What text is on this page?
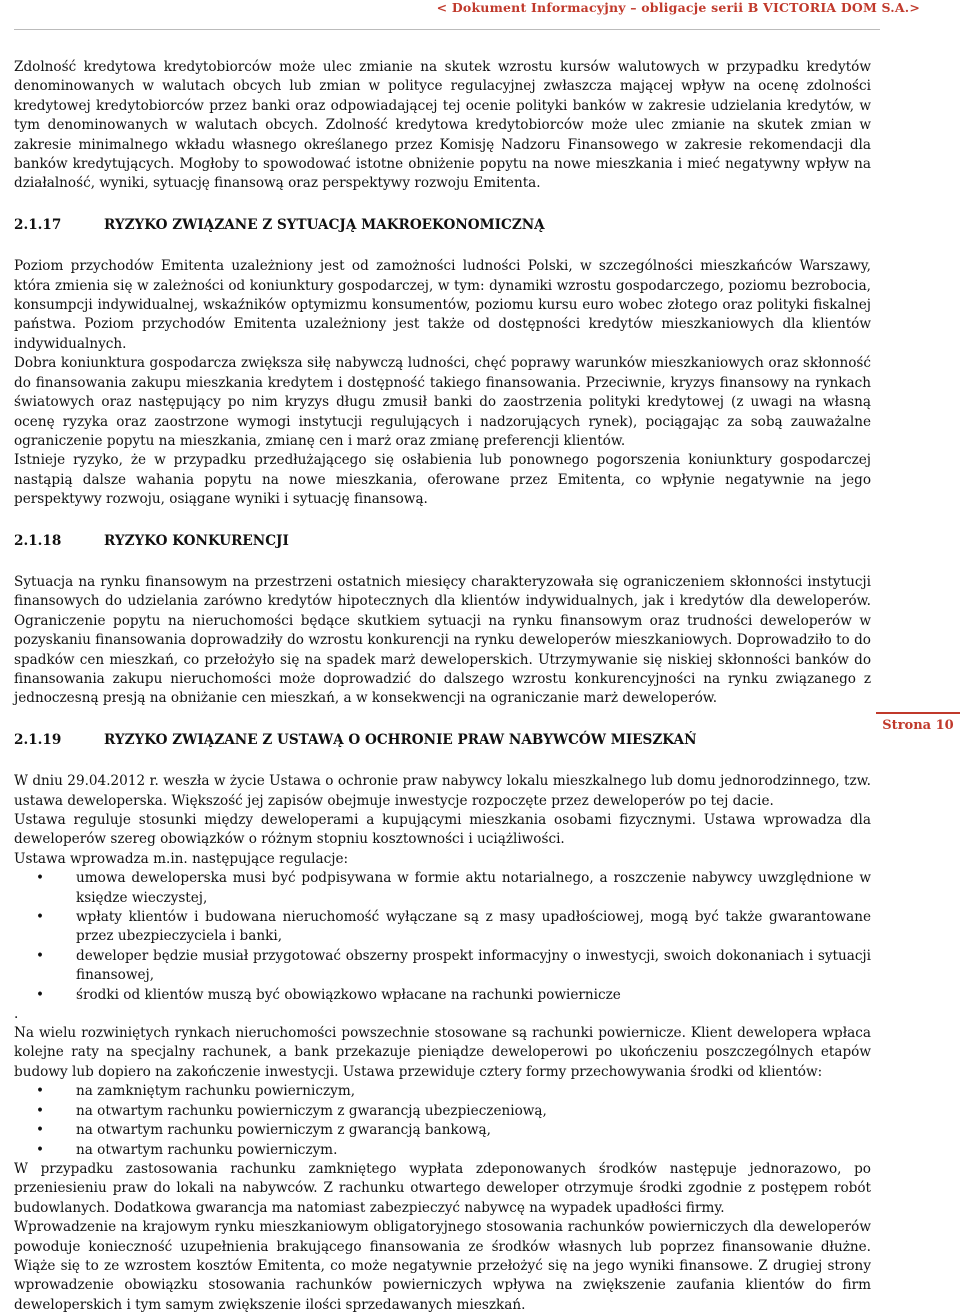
< Dokument Informacyjny – obligacje serii B VICTORIA DOM S.A.>
Strona 10

Zdolność kredytowa kredytobiorców może ulec zmianie na skutek wzrostu kursów walutowych w przypadku kredytów denominowanych w walutach obcych lub zmian w polityce regulacyjnej zwłaszcza mającej wpływ na ocenę zdolności kredytowej kredytobiorców przez banki oraz odpowiadającej tej ocenie polityki banków w zakresie udzielania kredytów, w tym denominowanych w walutach obcych. Zdolność kredytowa kredytobiorców może ulec zmianie na skutek zmian w zakresie minimalnego wkładu własnego określanego przez Komisję Nadzoru Finansowego w zakresie rekomendacji dla banków kredytujących. Mogłoby to spowodować istotne obniżenie popytu na nowe mieszkania i mieć negatywny wpływ na działalność, wyniki, sytuację finansową oraz perspektywy rozwoju Emitenta.

2.1.17	RYZYKO ZWIĄZANE Z SYTUACJĄ MAKROEKONOMICZNĄ

Poziom przychodów Emitenta uzależniony jest od zamożności ludności Polski, w szczególności mieszkańców Warszawy, która zmienia się w zależności od koniunktury gospodarczej, w tym: dynamiki wzrostu gospodarczego, poziomu bezrobocia, konsumpcji indywidualnej, wskaźników optymizmu konsumentów, poziomu kursu euro wobec złotego oraz polityki fiskalnej państwa. Poziom przychodów Emitenta uzależniony jest także od dostępności kredytów mieszkaniowych dla klientów indywidualnych.

Dobra koniunktura gospodarcza zwiększa siłę nabywczą ludności, chęć poprawy warunków mieszkaniowych oraz skłonność do finansowania zakupu mieszkania kredytem i dostępność takiego finansowania. Przeciwnie, kryzys finansowy na rynkach światowych oraz następujący po nim kryzys długu zmusił banki do zaostrzenia polityki kredytowej (z uwagi na własną ocenę ryzyka oraz zaostrzone wymogi instytucji regulujących i nadzorujących rynek), pociągając za sobą zauważalne ograniczenie popytu na mieszkania, zmianę cen i marż oraz zmianę preferencji klientów.

Istnieje ryzyko, że w przypadku przedłużającego się osłabienia lub ponownego pogorszenia koniunktury gospodarczej nastąpią dalsze wahania popytu na nowe mieszkania, oferowane przez Emitenta, co wpłynie negatywnie na jego perspektywy rozwoju, osiągane wyniki i sytuację finansową.

2.1.18	RYZYKO KONKURENCJI

Sytuacja na rynku finansowym na przestrzeni ostatnich miesięcy charakteryzowała się ograniczeniem skłonności instytucji finansowych do udzielania zarówno kredytów hipotecznych dla klientów indywidualnych, jak i kredytów dla deweloperów. Ograniczenie popytu na nieruchomości będące skutkiem sytuacji na rynku finansowym oraz trudności deweloperów w pozyskaniu finansowania doprowadziły do wzrostu konkurencji na rynku deweloperów mieszkaniowych. Doprowadziło to do spadków cen mieszkań, co przełożyło się na spadek marż deweloperskich. Utrzymywanie się niskiej skłonności banków do finansowania zakupu nieruchomości może doprowadzić do dalszego wzrostu konkurencyjności na rynku związanego z jednoczesną presją na obniżanie cen mieszkań, a w konsekwencji na ograniczanie marż deweloperów.

2.1.19	RYZYKO ZWIĄZANE Z USTAWĄ O OCHRONIE PRAW NABYWCÓW MIESZKAŃ

W dniu 29.04.2012 r. weszła w życie Ustawa o ochronie praw nabywcy lokalu mieszkalnego lub domu jednorodzinnego, tzw. ustawa deweloperska. Większość jej zapisów obejmuje inwestycje rozpoczęte przez deweloperów po tej dacie.

Ustawa reguluje stosunki między deweloperami a kupującymi mieszkania osobami fizycznymi. Ustawa wprowadza dla deweloperów szereg obowiązków o różnym stopniu kosztowności i uciążliwości.

Ustawa wprowadza m.in. następujące regulacje:

• umowa deweloperska musi być podpisywana w formie aktu notarialnego, a roszczenie nabywcy uwzględnione w księdze wieczystej,
• wpłaty klientów i budowana nieruchomość wyłączane są z masy upadłościowej, mogą być także gwarantowane przez ubezpieczyciela i banki,
• deweloper będzie musiał przygotować obszerny prospekt informacyjny o inwestycji, swoich dokonaniach i sytuacji finansowej,
• środki od klientów muszą być obowiązkowo wpłacane na rachunki powiernicze

.

Na wielu rozwiniętych rynkach nieruchomości powszechnie stosowane są rachunki powiernicze. Klient dewelopera wpłaca kolejne raty na specjalny rachunek, a bank przekazuje pieniądze deweloperowi po ukończeniu poszczególnych etapów budowy lub dopiero na zakończenie inwestycji. Ustawa przewiduje cztery formy przechowywania środki od klientów:

• na zamkniętym rachunku powierniczym,
• na otwartym rachunku powierniczym z gwarancją ubezpieczeniową,
• na otwartym rachunku powierniczym z gwarancją bankową,
• na otwartym rachunku powierniczym.

W przypadku zastosowania rachunku zamkniętego wypłata zdeponowanych środków następuje jednorazowo, po przeniesieniu praw do lokali na nabywców. Z rachunku otwartego deweloper otrzymuje środki zgodnie z postępem robót budowlanych. Dodatkowa gwarancja ma natomiast zabezpieczyć nabywcę na wypadek upadłości firmy.

Wprowadzenie na krajowym rynku mieszkaniowym obligatoryjnego stosowania rachunków powierniczych dla deweloperów powoduje konieczność uzupełnienia brakującego finansowania ze środków własnych lub poprzez finansowanie dłużne. Wiąże się to ze wzrostem kosztów Emitenta, co może negatywnie przełożyć się na jego wyniki finansowe. Z drugiej strony wprowadzenie obowiązku stosowania rachunków powierniczych wpływa na zwiększenie zaufania klientów do firm deweloperskich i tym samym zwiększenie ilości sprzedawanych mieszkań.
